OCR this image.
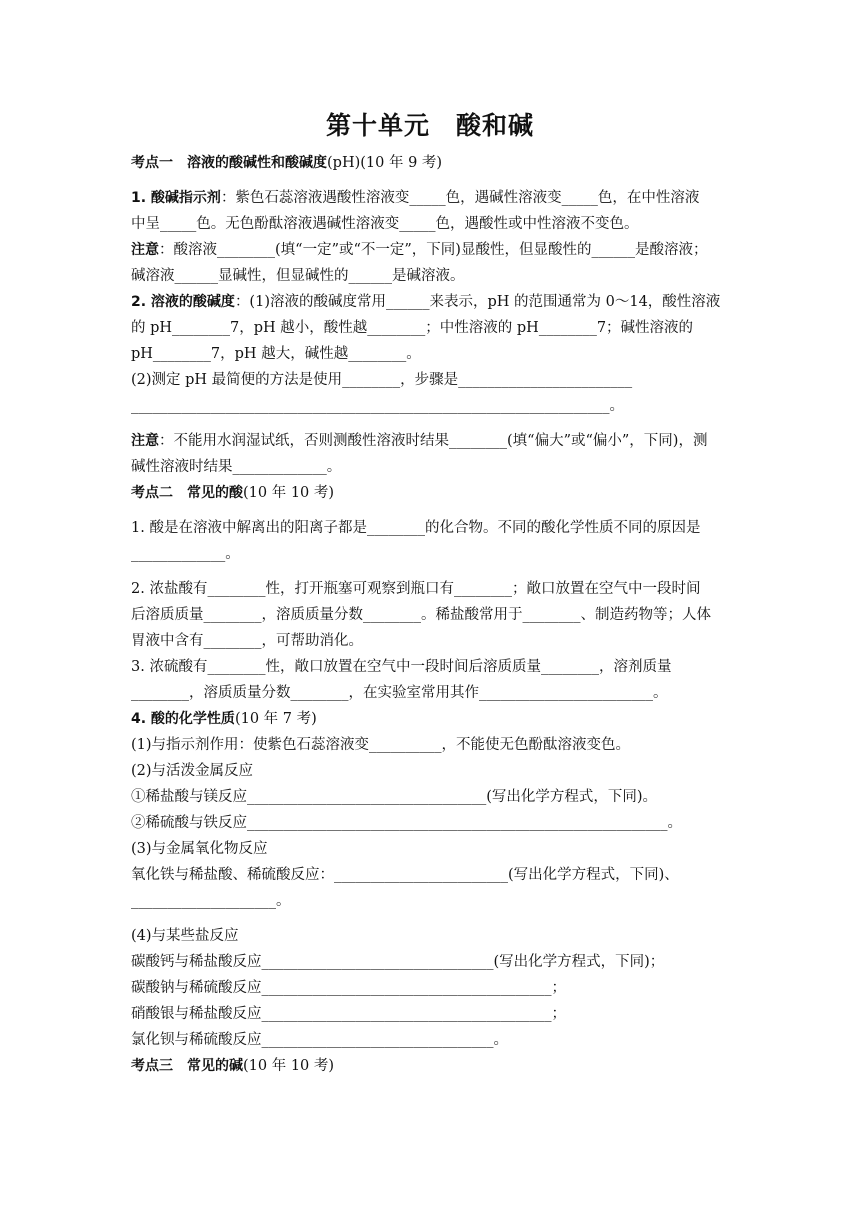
第十单元　酸和碱
考点一　溶液的酸碱性和酸碱度(pH)(10 年 9 考)
1. 酸碱指示剂：紫色石蕊溶液遇酸性溶液变_____色，遇碱性溶液变_____色，在中性溶液
中呈_____色。无色酚酞溶液遇碱性溶液变_____色，遇酸性或中性溶液不变色。
注意：酸溶液________(填“一定”或“不一定”，下同)显酸性，但显酸性的______是酸溶液；
碱溶液______显碱性，但显碱性的______是碱溶液。
2. 溶液的酸碱度：(1)溶液的酸碱度常用______来表示，pH 的范围通常为 0～14，酸性溶液
的 pH________7，pH 越小，酸性越________；中性溶液的 pH________7；碱性溶液的
pH________7，pH 越大，碱性越________。
(2)测定 pH 最简便的方法是使用________，步骤是________________________
__________________________________________________________________。
注意：不能用水润湿试纸，否则测酸性溶液时结果________(填“偏大”或“偏小”，下同)，测
碱性溶液时结果_____________。
考点二　常见的酸(10 年 10 考)
1. 酸是在溶液中解离出的阳离子都是________的化合物。不同的酸化学性质不同的原因是
_____________。
2. 浓盐酸有________性，打开瓶塞可观察到瓶口有________；敞口放置在空气中一段时间
后溶质质量________，溶质质量分数________。稀盐酸常用于________、制造药物等；人体
胃液中含有________，可帮助消化。
3. 浓硫酸有________性，敞口放置在空气中一段时间后溶质质量________，溶剂质量
________，溶质质量分数________，在实验室常用其作________________________。
4. 酸的化学性质(10 年 7 考)
(1)与指示剂作用：使紫色石蕊溶液变__________，不能使无色酚酞溶液变色。
(2)与活泼金属反应
①稀盐酸与镁反应_________________________________(写出化学方程式，下同)。
②稀硫酸与铁反应__________________________________________________________。
(3)与金属氧化物反应
氧化铁与稀盐酸、稀硫酸反应：________________________(写出化学方程式，下同)、
____________________。
(4)与某些盐反应
碳酸钙与稀盐酸反应________________________________(写出化学方程式，下同)；
碳酸钠与稀硫酸反应________________________________________；
硝酸银与稀盐酸反应________________________________________；
氯化钡与稀硫酸反应________________________________。
考点三　常见的碱(10 年 10 考)
